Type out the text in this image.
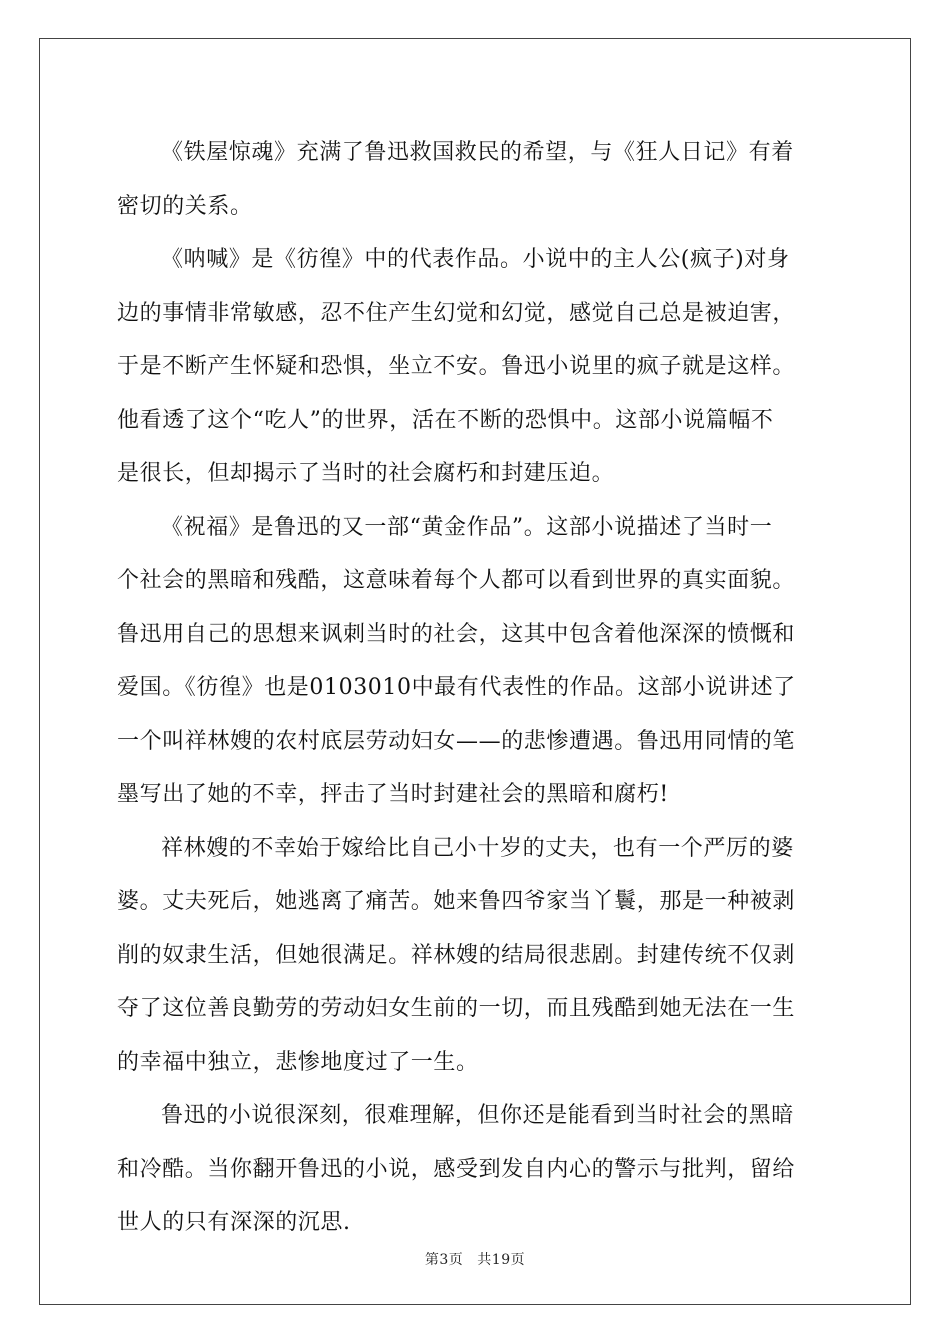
《铁屋惊魂》充满了鲁迅救国救民的希望，与《狂人日记》有着
密切的关系。

《呐喊》是《彷徨》中的代表作品。小说中的主人公(疯子)对身
边的事情非常敏感，忍不住产生幻觉和幻觉，感觉自己总是被迫害，
于是不断产生怀疑和恐惧，坐立不安。鲁迅小说里的疯子就是这样。
他看透了这个“吃人”的世界，活在不断的恐惧中。这部小说篇幅不
是很长，但却揭示了当时的社会腐朽和封建压迫。

《祝福》是鲁迅的又一部“黄金作品”。这部小说描述了当时一
个社会的黑暗和残酷，这意味着每个人都可以看到世界的真实面貌。
鲁迅用自己的思想来讽刺当时的社会，这其中包含着他深深的愤慨和
爱国。《彷徨》也是0103010中最有代表性的作品。这部小说讲述了
一个叫祥林嫂的农村底层劳动妇女——的悲惨遭遇。鲁迅用同情的笔
墨写出了她的不幸，抨击了当时封建社会的黑暗和腐朽!

祥林嫂的不幸始于嫁给比自己小十岁的丈夫，也有一个严厉的婆
婆。丈夫死后，她逃离了痛苦。她来鲁四爷家当丫鬟，那是一种被剥
削的奴隶生活，但她很满足。祥林嫂的结局很悲剧。封建传统不仅剥
夺了这位善良勤劳的劳动妇女生前的一切，而且残酷到她无法在一生
的幸福中独立，悲惨地度过了一生。

鲁迅的小说很深刻，很难理解，但你还是能看到当时社会的黑暗
和冷酷。当你翻开鲁迅的小说，感受到发自内心的警示与批判，留给
世人的只有深深的沉思.

第3页 共19页
